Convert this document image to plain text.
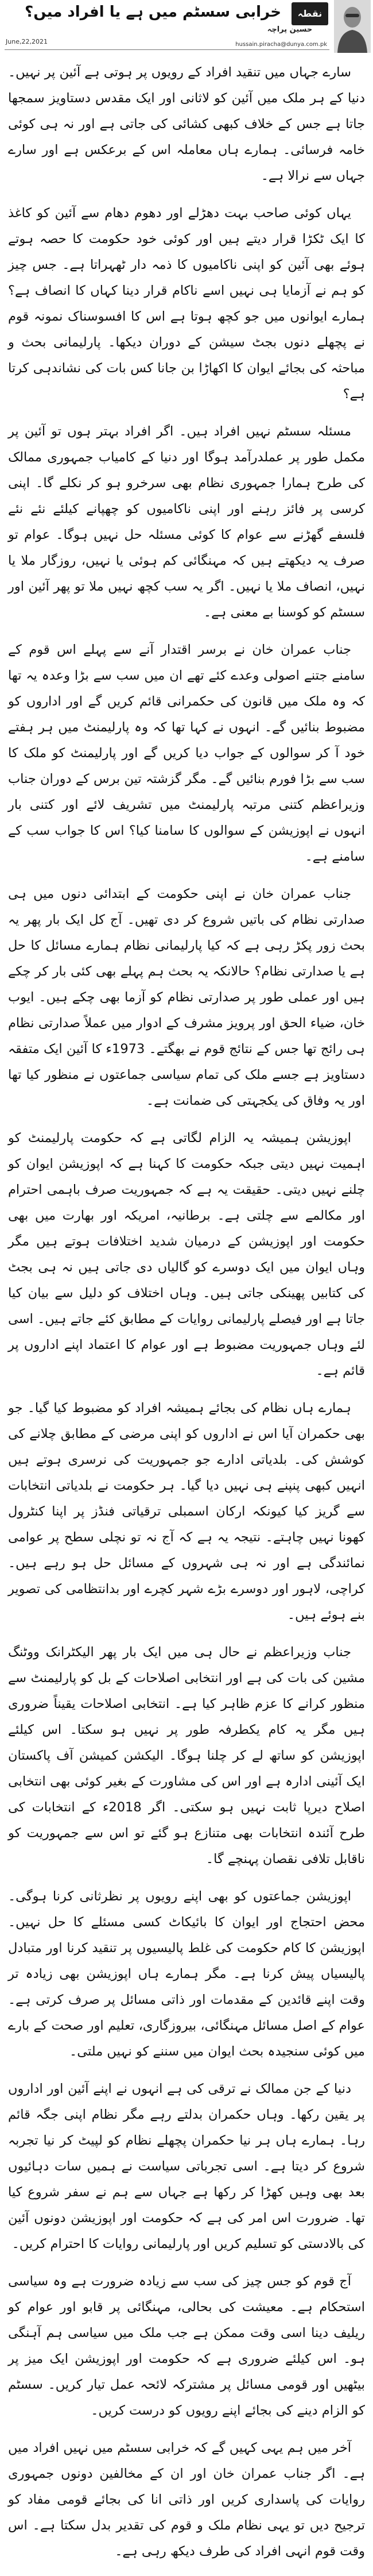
خرابی سسٹم میں ہے یا افراد میں؟	نقطہ نظر
حسین پراچہ
June,22,2021	hussain.piracha@dunya.com.pk

سارے جہاں میں تنقید افراد کے رویوں پر ہوتی ہے آئین پر نہیں۔ دنیا کے ہر ملک میں آئین کو لاثانی اور ایک مقدس دستاویز سمجھا جاتا ہے جس کے خلاف کبھی کشائی کی جاتی ہے اور نہ ہی کوئی خامہ فرسائی۔ ہمارے ہاں معاملہ اس کے برعکس ہے اور سارے جہاں سے نرالا ہے۔

یہاں کوئی صاحب بہت دھڑلے اور دھوم دھام سے آئین کو کاغذ کا ایک ٹکڑا قرار دیتے ہیں اور کوئی خود حکومت کا حصہ ہوتے ہوئے بھی آئین کو اپنی ناکامیوں کا ذمہ دار ٹھہراتا ہے۔ جس چیز کو ہم نے آزمایا ہی نہیں اسے ناکام قرار دینا کہاں کا انصاف ہے؟ ہمارے ایوانوں میں جو کچھ ہوتا ہے اس کا افسوسناک نمونہ قوم نے پچھلے دنوں بجٹ سیشن کے دوران دیکھا۔ پارلیمانی بحث و مباحثہ کی بجائے ایوان کا اکھاڑا بن جانا کس بات کی نشاندہی کرتا ہے؟

مسئلہ سسٹم نہیں افراد ہیں۔ اگر افراد بہتر ہوں تو آئین پر مکمل طور پر عملدرآمد ہوگا اور دنیا کے کامیاب جمہوری ممالک کی طرح ہمارا جمہوری نظام بھی سرخرو ہو کر نکلے گا۔ اپنی کرسی پر فائز رہنے اور اپنی ناکامیوں کو چھپانے کیلئے نئے نئے فلسفے گھڑنے سے عوام کا کوئی مسئلہ حل نہیں ہوگا۔ عوام تو صرف یہ دیکھتے ہیں کہ مہنگائی کم ہوئی یا نہیں، روزگار ملا یا نہیں، انصاف ملا یا نہیں۔ اگر یہ سب کچھ نہیں ملا تو پھر آئین اور سسٹم کو کوسنا بے معنی ہے۔

جناب عمران خان نے برسر اقتدار آنے سے پہلے اس قوم کے سامنے جتنے اصولی وعدے کئے تھے ان میں سب سے بڑا وعدہ یہ تھا کہ وہ ملک میں قانون کی حکمرانی قائم کریں گے اور اداروں کو مضبوط بنائیں گے۔ انہوں نے کہا تھا کہ وہ پارلیمنٹ میں ہر ہفتے خود آ کر سوالوں کے جواب دیا کریں گے اور پارلیمنٹ کو ملک کا سب سے بڑا فورم بنائیں گے۔ مگر گزشتہ تین برس کے دوران جناب وزیراعظم کتنی مرتبہ پارلیمنٹ میں تشریف لائے اور کتنی بار انہوں نے اپوزیشن کے سوالوں کا سامنا کیا؟ اس کا جواب سب کے سامنے ہے۔

جناب عمران خان نے اپنی حکومت کے ابتدائی دنوں میں ہی صدارتی نظام کی باتیں شروع کر دی تھیں۔ آج کل ایک بار پھر یہ بحث زور پکڑ رہی ہے کہ کیا پارلیمانی نظام ہمارے مسائل کا حل ہے یا صدارتی نظام؟ حالانکہ یہ بحث ہم پہلے بھی کئی بار کر چکے ہیں اور عملی طور پر صدارتی نظام کو آزما بھی چکے ہیں۔ ایوب خان، ضیاء الحق اور پرویز مشرف کے ادوار میں عملاً صدارتی نظام ہی رائج تھا جس کے نتائج قوم نے بھگتے۔ 1973ء کا آئین ایک متفقہ دستاویز ہے جسے ملک کی تمام سیاسی جماعتوں نے منظور کیا تھا اور یہ وفاق کی یکجہتی کی ضمانت ہے۔

اپوزیشن ہمیشہ یہ الزام لگاتی ہے کہ حکومت پارلیمنٹ کو اہمیت نہیں دیتی جبکہ حکومت کا کہنا ہے کہ اپوزیشن ایوان کو چلنے نہیں دیتی۔ حقیقت یہ ہے کہ جمہوریت صرف باہمی احترام اور مکالمے سے چلتی ہے۔ برطانیہ، امریکہ اور بھارت میں بھی حکومت اور اپوزیشن کے درمیان شدید اختلافات ہوتے ہیں مگر وہاں ایوان میں ایک دوسرے کو گالیاں دی جاتی ہیں نہ ہی بجٹ کی کتابیں پھینکی جاتی ہیں۔ وہاں اختلاف کو دلیل سے بیان کیا جاتا ہے اور فیصلے پارلیمانی روایات کے مطابق کئے جاتے ہیں۔ اسی لئے وہاں جمہوریت مضبوط ہے اور عوام کا اعتماد اپنے اداروں پر قائم ہے۔

ہمارے ہاں نظام کی بجائے ہمیشہ افراد کو مضبوط کیا گیا۔ جو بھی حکمران آیا اس نے اداروں کو اپنی مرضی کے مطابق چلانے کی کوشش کی۔ بلدیاتی ادارے جو جمہوریت کی نرسری ہوتے ہیں انہیں کبھی پنپنے ہی نہیں دیا گیا۔ ہر حکومت نے بلدیاتی انتخابات سے گریز کیا کیونکہ ارکان اسمبلی ترقیاتی فنڈز پر اپنا کنٹرول کھونا نہیں چاہتے۔ نتیجہ یہ ہے کہ آج نہ تو نچلی سطح پر عوامی نمائندگی ہے اور نہ ہی شہروں کے مسائل حل ہو رہے ہیں۔ کراچی، لاہور اور دوسرے بڑے شہر کچرے اور بدانتظامی کی تصویر بنے ہوئے ہیں۔

جناب وزیراعظم نے حال ہی میں ایک بار پھر الیکٹرانک ووٹنگ مشین کی بات کی ہے اور انتخابی اصلاحات کے بل کو پارلیمنٹ سے منظور کرانے کا عزم ظاہر کیا ہے۔ انتخابی اصلاحات یقیناً ضروری ہیں مگر یہ کام یکطرفہ طور پر نہیں ہو سکتا۔ اس کیلئے اپوزیشن کو ساتھ لے کر چلنا ہوگا۔ الیکشن کمیشن آف پاکستان ایک آئینی ادارہ ہے اور اس کی مشاورت کے بغیر کوئی بھی انتخابی اصلاح دیرپا ثابت نہیں ہو سکتی۔ اگر 2018ء کے انتخابات کی طرح آئندہ انتخابات بھی متنازع ہو گئے تو اس سے جمہوریت کو ناقابل تلافی نقصان پہنچے گا۔

اپوزیشن جماعتوں کو بھی اپنے رویوں پر نظرثانی کرنا ہوگی۔ محض احتجاج اور ایوان کا بائیکاٹ کسی مسئلے کا حل نہیں۔ اپوزیشن کا کام حکومت کی غلط پالیسیوں پر تنقید کرنا اور متبادل پالیسیاں پیش کرنا ہے۔ مگر ہمارے ہاں اپوزیشن بھی زیادہ تر وقت اپنے قائدین کے مقدمات اور ذاتی مسائل پر صرف کرتی ہے۔ عوام کے اصل مسائل مہنگائی، بیروزگاری، تعلیم اور صحت کے بارے میں کوئی سنجیدہ بحث ایوان میں سننے کو نہیں ملتی۔

دنیا کے جن ممالک نے ترقی کی ہے انہوں نے اپنے آئین اور اداروں پر یقین رکھا۔ وہاں حکمران بدلتے رہے مگر نظام اپنی جگہ قائم رہا۔ ہمارے ہاں ہر نیا حکمران پچھلے نظام کو لپیٹ کر نیا تجربہ شروع کر دیتا ہے۔ اسی تجرباتی سیاست نے ہمیں سات دہائیوں بعد بھی وہیں کھڑا کر رکھا ہے جہاں سے ہم نے سفر شروع کیا تھا۔ ضرورت اس امر کی ہے کہ حکومت اور اپوزیشن دونوں آئین کی بالادستی کو تسلیم کریں اور پارلیمانی روایات کا احترام کریں۔

آج قوم کو جس چیز کی سب سے زیادہ ضرورت ہے وہ سیاسی استحکام ہے۔ معیشت کی بحالی، مہنگائی پر قابو اور عوام کو ریلیف دینا اسی وقت ممکن ہے جب ملک میں سیاسی ہم آہنگی ہو۔ اس کیلئے ضروری ہے کہ حکومت اور اپوزیشن ایک میز پر بیٹھیں اور قومی مسائل پر مشترکہ لائحہ عمل تیار کریں۔ سسٹم کو الزام دینے کی بجائے اپنے رویوں کو درست کریں۔

آخر میں ہم یہی کہیں گے کہ خرابی سسٹم میں نہیں افراد میں ہے۔ اگر جناب عمران خان اور ان کے مخالفین دونوں جمہوری روایات کی پاسداری کریں اور ذاتی انا کی بجائے قومی مفاد کو ترجیح دیں تو یہی نظام ملک و قوم کی تقدیر بدل سکتا ہے۔ اس وقت قوم انہی افراد کی طرف دیکھ رہی ہے۔
